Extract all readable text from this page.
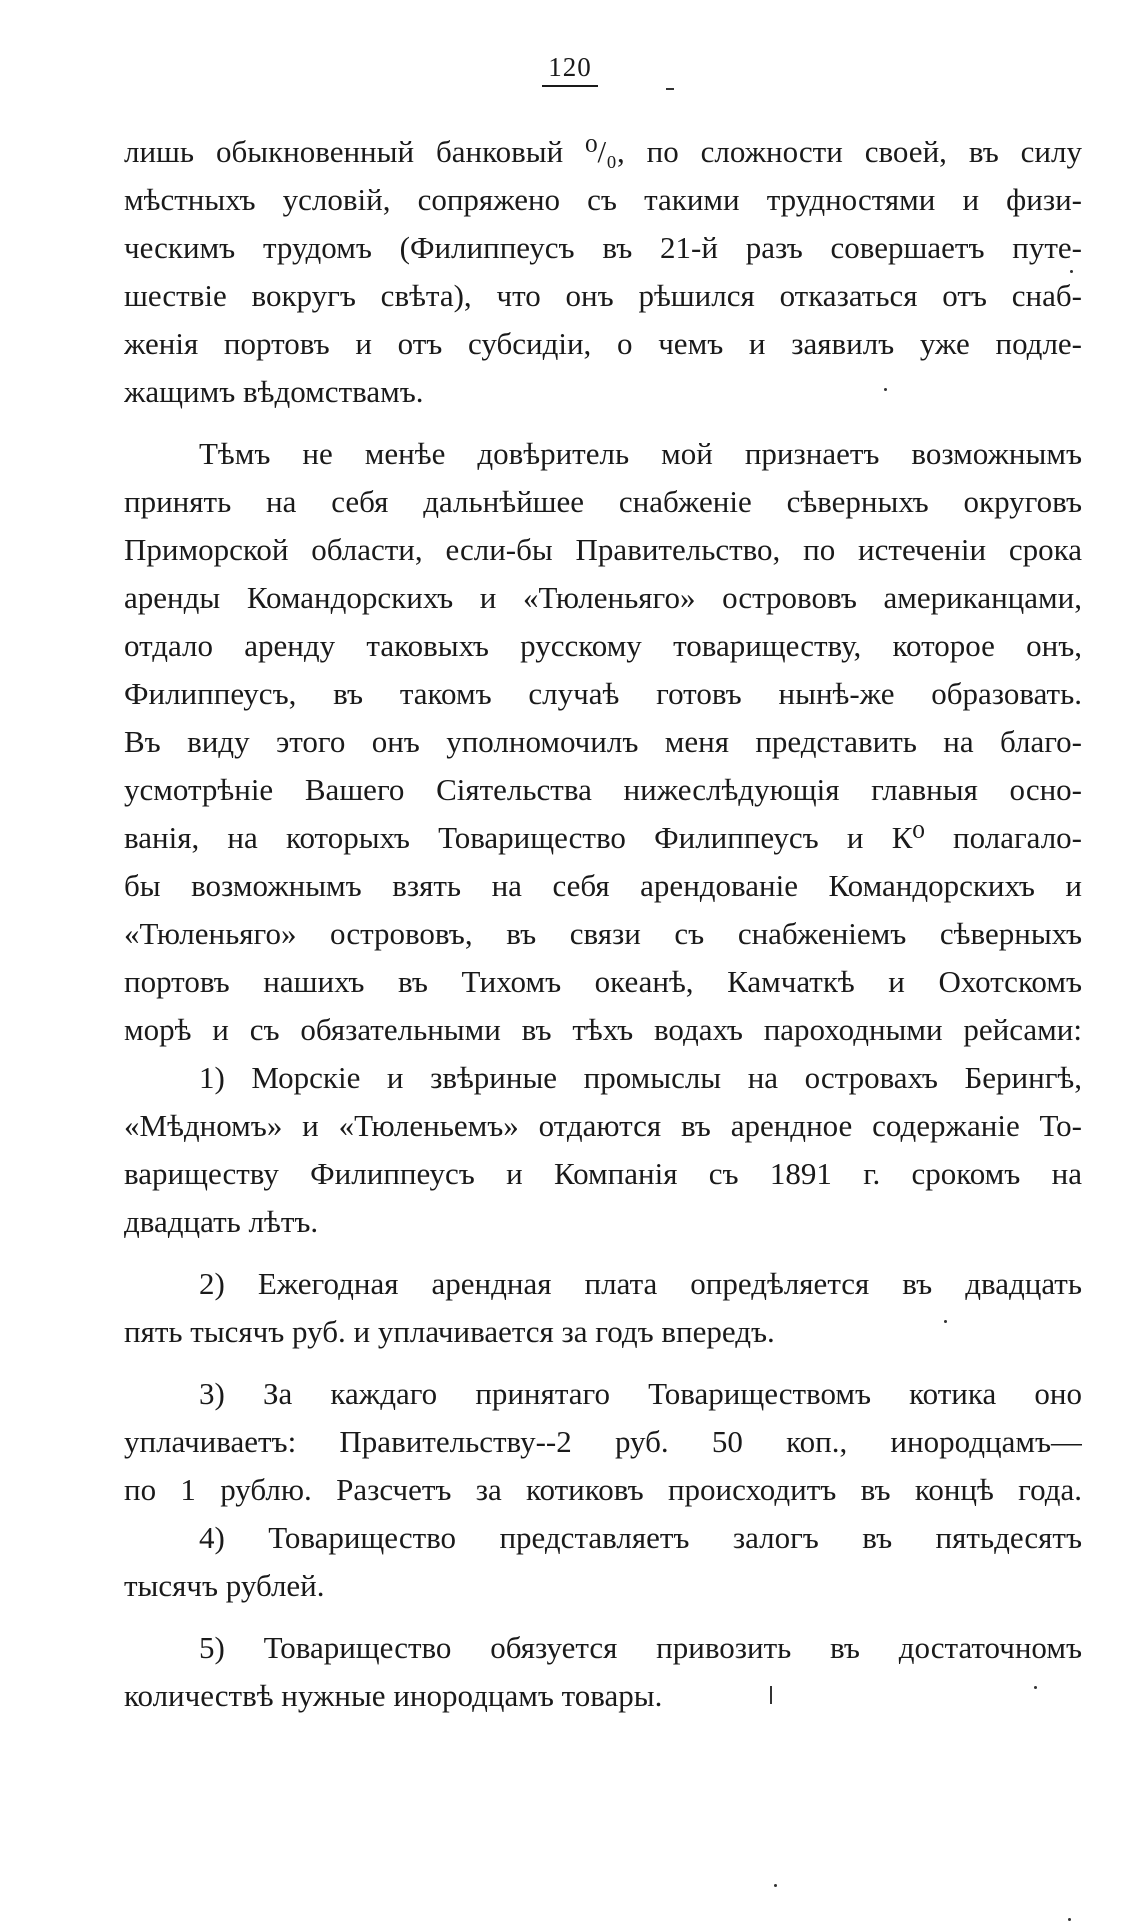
120
лишь обыкновенный банковый ⁰/₀, по сложности своей, въ силу
мѣстныхъ условій, сопряжено съ такими трудностями и физи-
ческимъ трудомъ (Филиппеусъ въ 21-й разъ совершаетъ путе-
шествіе вокругъ свѣта), что онъ рѣшился отказаться отъ снаб-
женія портовъ и отъ субсидіи, о чемъ и заявилъ уже подле-
жащимъ вѣдомствамъ.
Тѣмъ не менѣе довѣритель мой признаетъ возможнымъ
принять на себя дальнѣйшее снабженіе сѣверныхъ округовъ
Приморской области, если-бы Правительство, по истеченіи срока
аренды Командорскихъ и «Тюленьяго» острововъ американцами,
отдало аренду таковыхъ русскому товариществу, которое онъ,
Филиппеусъ, въ такомъ случаѣ готовъ нынѣ-же образовать.
Въ виду этого онъ уполномочилъ меня представить на благо-
усмотрѣніе Вашего Сіятельства нижеслѣдующія главныя осно-
ванія, на которыхъ Товарищество Филиппеусъ и К⁰ полагало-
бы возможнымъ взять на себя арендованіе Командорскихъ и
«Тюленьяго» острововъ, въ связи съ снабженіемъ сѣверныхъ
портовъ нашихъ въ Тихомъ океанѣ, Камчаткѣ и Охотскомъ
морѣ и съ обязательными въ тѣхъ водахъ пароходными рейсами:
1) Морскіе и звѣриные промыслы на островахъ Берингѣ,
«Мѣдномъ» и «Тюленьемъ» отдаются въ арендное содержаніе То-
вариществу Филиппеусъ и Компанія съ 1891 г. срокомъ на
двадцать лѣтъ.
2) Ежегодная арендная плата опредѣляется въ двадцать
пять тысячъ руб. и уплачивается за годъ впередъ.
3) За каждаго принятаго Товариществомъ котика оно
уплачиваетъ: Правительству--2 руб. 50 коп., инородцамъ—
по 1 рублю. Разсчетъ за котиковъ происходитъ въ концѣ года.
4) Товарищество представляетъ залогъ въ пятьдесятъ
тысячъ рублей.
5) Товарищество обязуется привозить въ достаточномъ
количествѣ нужные инородцамъ товары.
